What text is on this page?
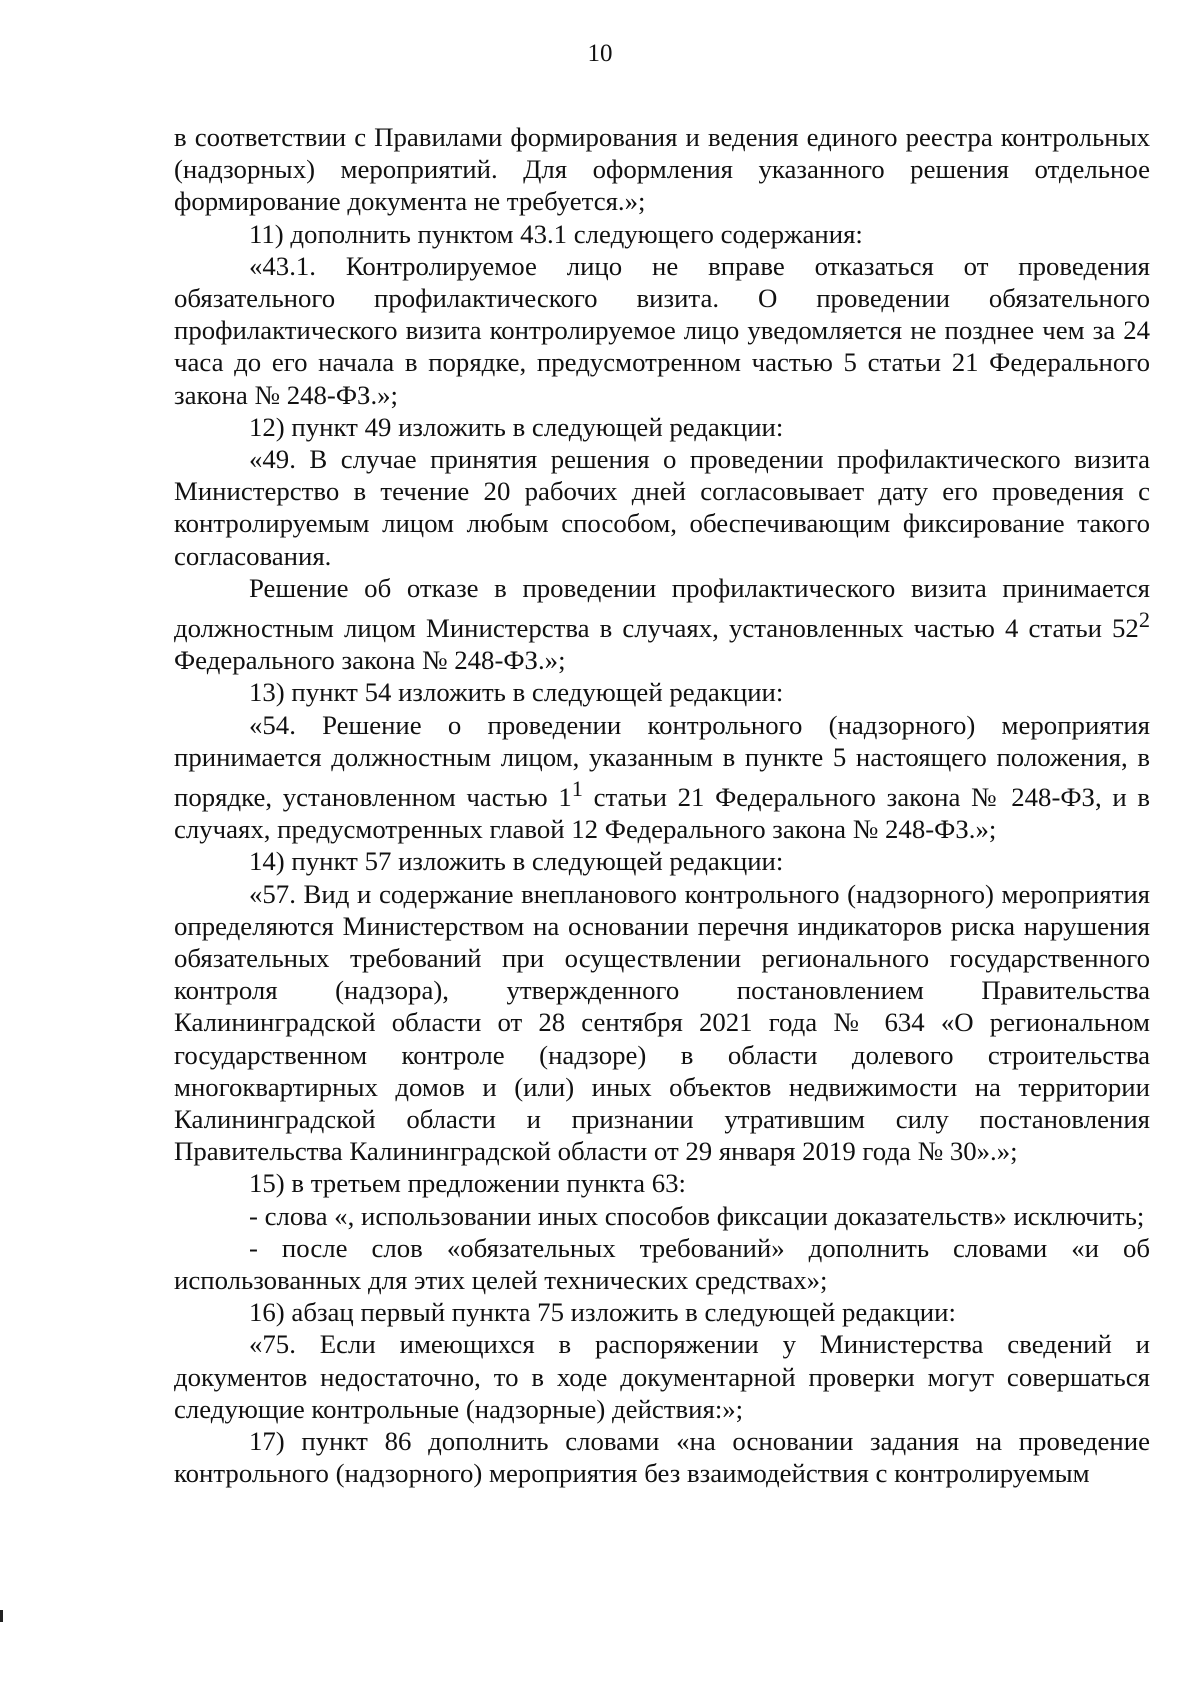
10

в соответствии с Правилами формирования и ведения единого реестра контрольных (надзорных) мероприятий. Для оформления указанного решения отдельное формирование документа не требуется.»;

11) дополнить пунктом 43.1 следующего содержания:

«43.1. Контролируемое лицо не вправе отказаться от проведения обязательного профилактического визита. О проведении обязательного профилактического визита контролируемое лицо уведомляется не позднее чем за 24 часа до его начала в порядке, предусмотренном частью 5 статьи 21 Федерального закона № 248-ФЗ.»;

12) пункт 49 изложить в следующей редакции:

«49. В случае принятия решения о проведении профилактического визита Министерство в течение 20 рабочих дней согласовывает дату его проведения с контролируемым лицом любым способом, обеспечивающим фиксирование такого согласования.

Решение об отказе в проведении профилактического визита принимается должностным лицом Министерства в случаях, установленных частью 4 статьи $52^2$ Федерального закона № 248-ФЗ.»;

13) пункт 54 изложить в следующей редакции:

«54. Решение о проведении контрольного (надзорного) мероприятия принимается должностным лицом, указанным в пункте 5 настоящего положения, в порядке, установленном частью $1^1$ статьи 21 Федерального закона № 248-ФЗ, и в случаях, предусмотренных главой 12 Федерального закона № 248-ФЗ.»;

14) пункт 57 изложить в следующей редакции:

«57. Вид и содержание внепланового контрольного (надзорного) мероприятия определяются Министерством на основании перечня индикаторов риска нарушения обязательных требований при осуществлении регионального государственного контроля (надзора), утвержденного постановлением Правительства Калининградской области от 28 сентября 2021 года № 634 «О региональном государственном контроле (надзоре) в области долевого строительства многоквартирных домов и (или) иных объектов недвижимости на территории Калининградской области и признании утратившим силу постановления Правительства Калининградской области от 29 января 2019 года № 30».»;

15) в третьем предложении пункта 63:

- слова «, использовании иных способов фиксации доказательств» исключить;

- после слов «обязательных требований» дополнить словами «и об использованных для этих целей технических средствах»;

16) абзац первый пункта 75 изложить в следующей редакции:

«75. Если имеющихся в распоряжении у Министерства сведений и документов недостаточно, то в ходе документарной проверки могут совершаться следующие контрольные (надзорные) действия:»;

17) пункт 86 дополнить словами «на основании задания на проведение контрольного (надзорного) мероприятия без взаимодействия с контролируемым
